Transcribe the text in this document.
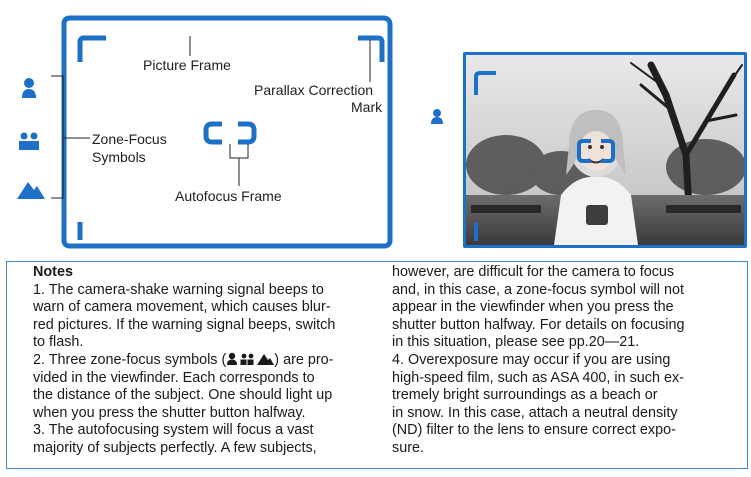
Picture Frame
Parallax Correction
Mark
Zone-Focus
Symbols
Autofocus Frame

Notes

1. The camera-shake warning signal beeps to

warn of camera movement, which causes blur-

red pictures. If the warning signal beeps, switch

to flash.

2. Three zone-focus symbols (	) are pro-

vided in the viewfinder. Each corresponds to

the distance of the subject. One should light up

when you press the shutter button halfway.

3. The autofocusing system will focus a vast

majority of subjects perfectly. A few subjects,

however, are difficult for the camera to focus

and, in this case, a zone-focus symbol will not

appear in the viewfinder when you press the

shutter button halfway. For details on focusing

in this situation, please see pp.20—21.

4. Overexposure may occur if you are using

high-speed film, such as ASA 400, in such ex-

tremely bright surroundings as a beach or

in snow. In this case, attach a neutral density

(ND) filter to the lens to ensure correct expo-

sure.
